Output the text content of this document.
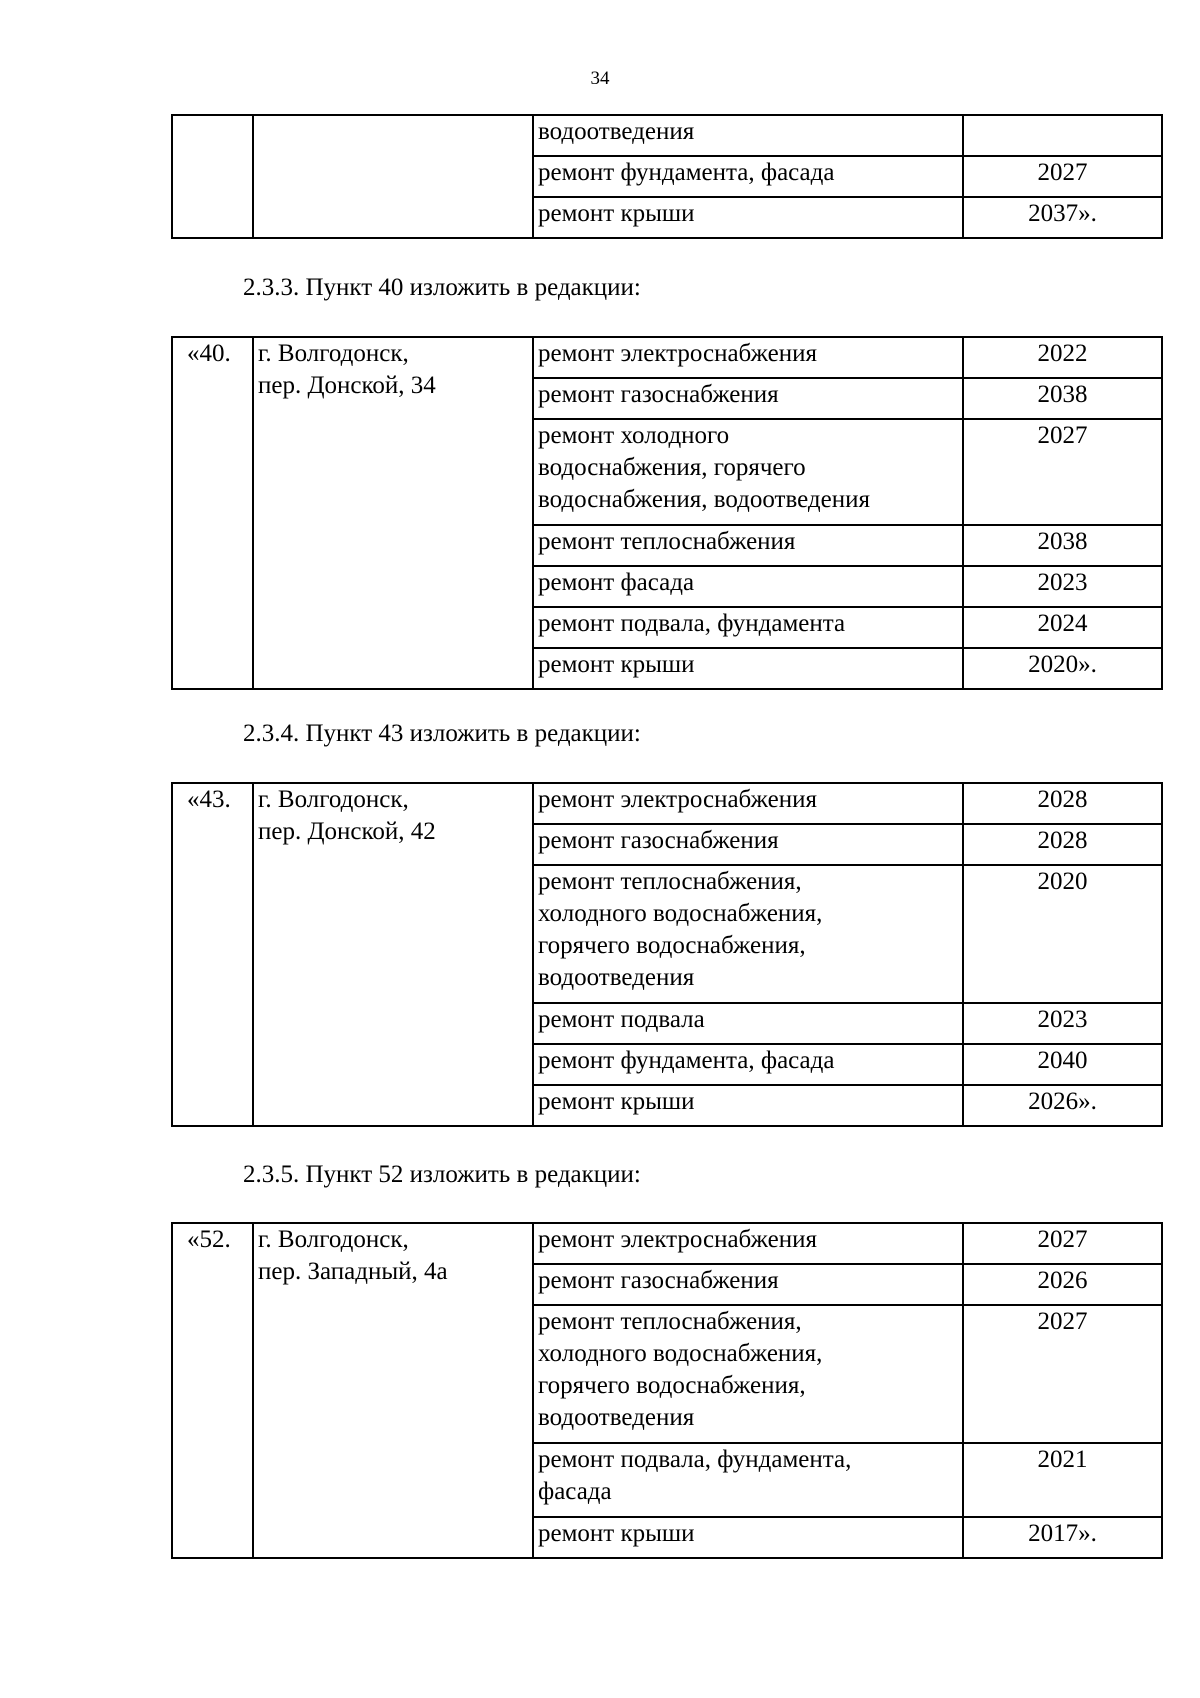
34
		водоотведения	
		ремонт фундамента, фасада	2027
		ремонт крыши	2037».
2.3.3. Пункт 40 изложить в редакции:
«40.	г. Волгодонск,
пер. Донской, 34	ремонт электроснабжения	2022
		ремонт газоснабжения	2038
		ремонт холодного
водоснабжения, горячего
водоснабжения, водоотведения	2027
		ремонт теплоснабжения	2038
		ремонт фасада	2023
		ремонт подвала, фундамента	2024
		ремонт крыши	2020».
2.3.4. Пункт 43 изложить в редакции:
«43.	г. Волгодонск,
пер. Донской, 42	ремонт электроснабжения	2028
		ремонт газоснабжения	2028
		ремонт теплоснабжения,
холодного водоснабжения,
горячего водоснабжения,
водоотведения	2020
		ремонт подвала	2023
		ремонт фундамента, фасада	2040
		ремонт крыши	2026».
2.3.5. Пункт 52 изложить в редакции:
«52.	г. Волгодонск,
пер. Западный, 4а	ремонт электроснабжения	2027
		ремонт газоснабжения	2026
		ремонт теплоснабжения,
холодного водоснабжения,
горячего водоснабжения,
водоотведения	2027
		ремонт подвала, фундамента,
фасада	2021
		ремонт крыши	2017».
